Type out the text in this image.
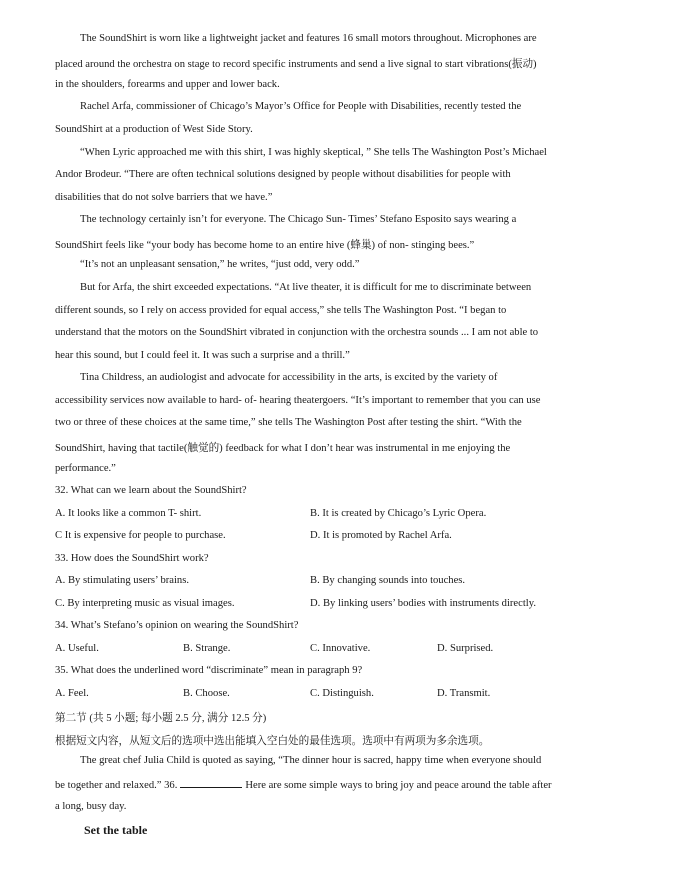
The SoundShirt is worn like a lightweight jacket and features 16 small motors throughout. Microphones are
placed around the orchestra on stage to record specific instruments and send a live signal to start vibrations(振动)
in the shoulders, forearms and upper and lower back.
Rachel Arfa, commissioner of Chicago’s Mayor’s Office for People with Disabilities, recently tested the
SoundShirt at a production of West Side Story.
“When Lyric approached me with this shirt, I was highly skeptical, ” She tells The Washington Post’s Michael
Andor Brodeur. “There are often technical solutions designed by people without disabilities for people with
disabilities that do not solve barriers that we have.”
The technology certainly isn’t for everyone. The Chicago Sun- Times’ Stefano Esposito says wearing a
SoundShirt feels like “your body has become home to an entire hive (蜂巢) of non- stinging bees.”
“It’s not an unpleasant sensation,” he writes, “just odd, very odd.”
But for Arfa, the shirt exceeded expectations. “At live theater, it is difficult for me to discriminate between
different sounds, so I rely on access provided for equal access,” she tells The Washington Post. “I began to
understand that the motors on the SoundShirt vibrated in conjunction with the orchestra sounds ... I am not able to
hear this sound, but I could feel it. It was such a surprise and a thrill.”
Tina Childress, an audiologist and advocate for accessibility in the arts, is excited by the variety of
accessibility services now available to hard- of- hearing theatergoers. “It’s important to remember that you can use
two or three of these choices at the same time,” she tells The Washington Post after testing the shirt. “With the
SoundShirt, having that tactile(触觉的) feedback for what I don’t hear was instrumental in me enjoying the
performance.”
32. What can we learn about the SoundShirt?
A. It looks like a common T- shirt.	B. It is created by Chicago’s Lyric Opera.
C It is expensive for people to purchase.	D. It is promoted by Rachel Arfa.
33. How does the SoundShirt work?
A. By stimulating users’ brains.	B. By changing sounds into touches.
C. By interpreting music as visual images.	D. By linking users’ bodies with instruments directly.
34. What’s Stefano’s opinion on wearing the SoundShirt?
A. Useful.	B. Strange.	C. Innovative.	D. Surprised.
35. What does the underlined word “discriminate” mean in paragraph 9?
A. Feel.	B. Choose.	C. Distinguish.	D. Transmit.
第二节 (共 5 小题; 每小题 2.5 分, 满分 12.5 分)
根据短文内容，从短文后的选项中选出能填入空白处的最佳选项。选项中有两项为多余选项。
The great chef Julia Child is quoted as saying, “The dinner hour is sacred, happy time when everyone should
be together and relaxed.” 36.	Here are some simple ways to bring joy and peace around the table after
a long, busy day.
Set the table
